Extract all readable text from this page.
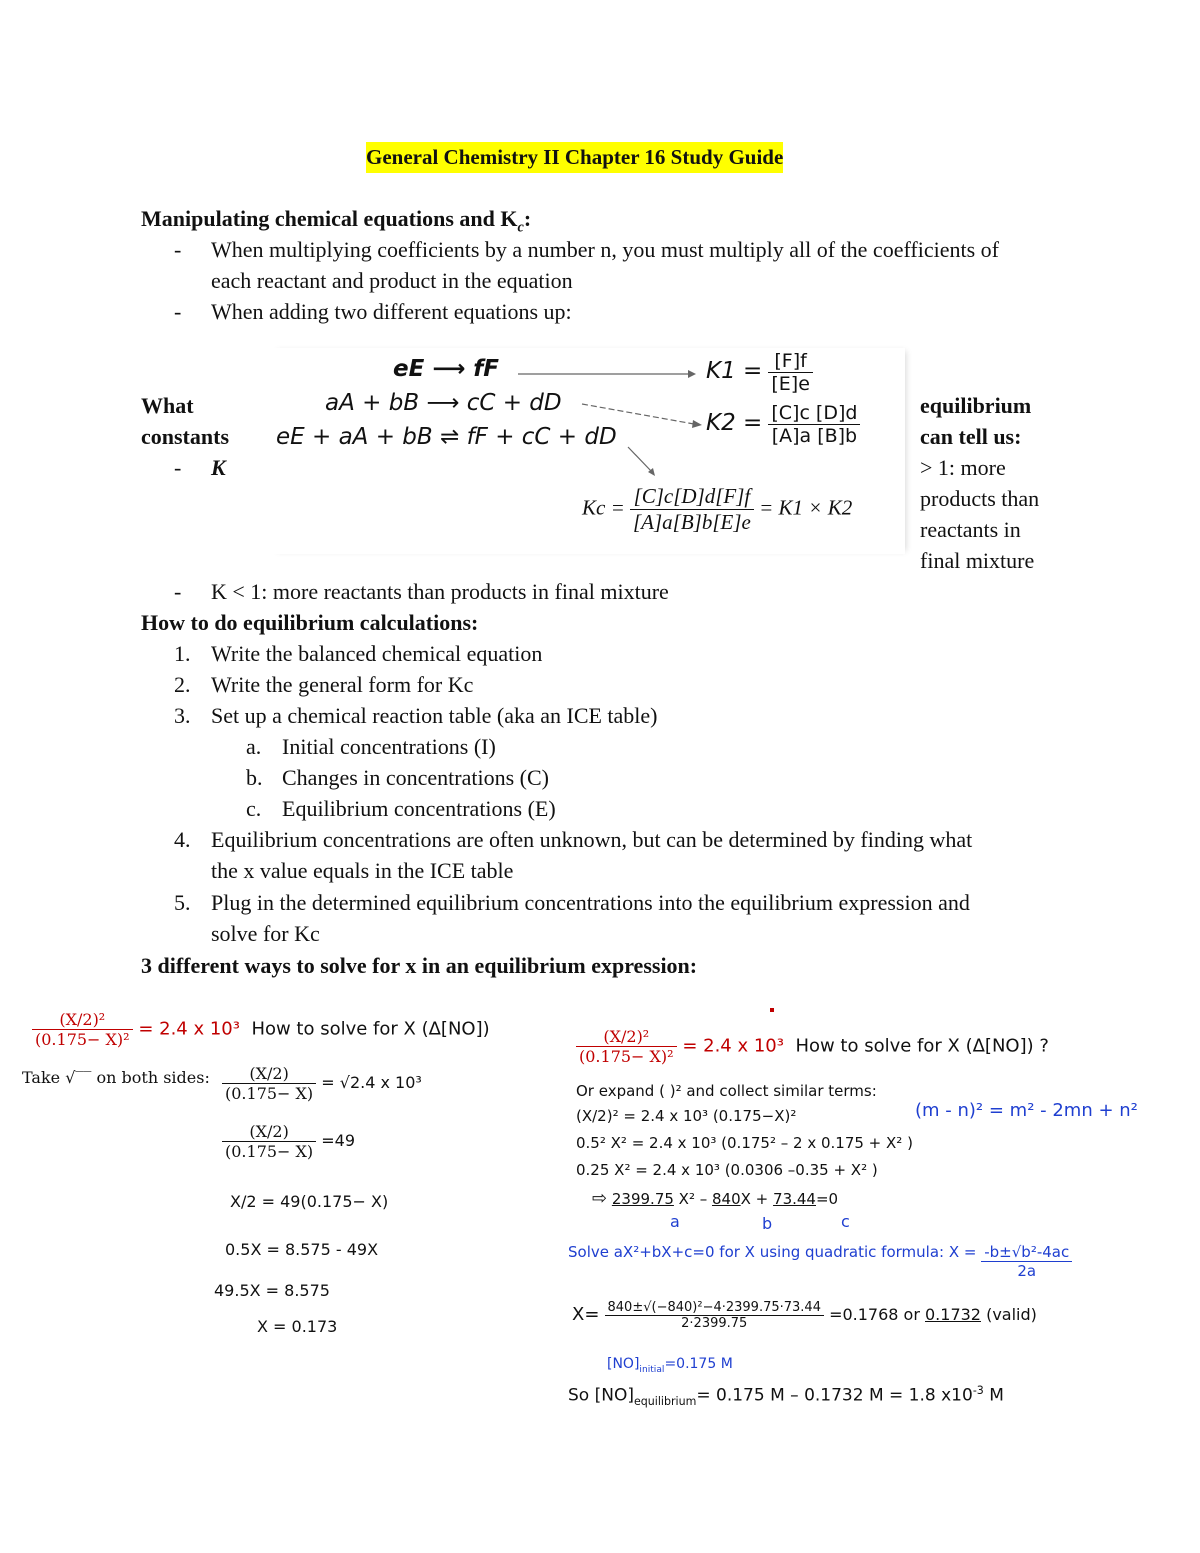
General Chemistry II Chapter 16 Study Guide
Manipulating chemical equations and $K_c$:
- When multiplying coefficients by a number n, you must multiply all of the coefficients of
each reactant and product in the equation
- When adding two different equations up:
eE ⟶ fF
aA + bB ⟶ cC + dD
eE + aA + bB ⇌ fF + cC + dD
$K1 = \frac{[F]f}{[E]e}$
$K2 = \frac{[C]c [D]d}{[A]a [B]b}$
$Kc = \frac{[C]c[D]d[F]f}{[A]a[B]b[E]e} = K1 \times K2$
What
constants
- K
equilibrium
can tell us:
> 1: more
products than
reactants in
final mixture
- K < 1: more reactants than products in final mixture
How to do equilibrium calculations:
1. Write the balanced chemical equation
2. Write the general form for Kc
3. Set up a chemical reaction table (aka an ICE table)
a. Initial concentrations (I)
b. Changes in concentrations (C)
c. Equilibrium concentrations (E)
4. Equilibrium concentrations are often unknown, but can be determined by finding what
the x value equals in the ICE table
5. Plug in the determined equilibrium concentrations into the equilibrium expression and
solve for Kc
3 different ways to solve for x in an equilibrium expression:
$\frac{\text{(X/2)²}}{\text{(0.175− X)²}} = 2.4$ x 10³ How to solve for X (Δ[NO])
Take √‾‾ on both sides: $\frac{(X/2)}{(0.175- X)} = √2.4$ x 10³
$\frac{(X/2)}{(0.175- X)} =49$
X/2 = 49(0.175− X)
0.5X = 8.575 - 49X
49.5X = 8.575
X = 0.173
$\frac{\text{(X/2)²}}{\text{(0.175− X)²}} = 2.4$ x 10³ How to solve for X (Δ[NO]) ?
Or expand ( )² and collect similar terms:
(m - n)² = m² - 2mn + n²
(X/2)² = 2.4 x 10³ (0.175−X)²
0.5² X² = 2.4 x 10³ (0.175² – 2 x 0.175 + X² )
0.25 X² = 2.4 x 10³ (0.0306 –0.35 + X² )
⇨ 2399.75 X² – 840X + 73.44=0
a	b	c
Solve aX²+bX+c=0 for X using quadratic formula: $X = \frac{\text{-b±√b²-4ac}}{2a}$
$X= \frac{\text{840±√(−840)²−4·2399.75·73.44}}{2\cdot 2399.75} =0.1768$ or 0.1732 (valid)
$[NO]_{initial}=0.175$ M
So $[NO]_{equilibrium}= 0.175$ M – 0.1732 M = 1.8 $x10^{-3}$ M
